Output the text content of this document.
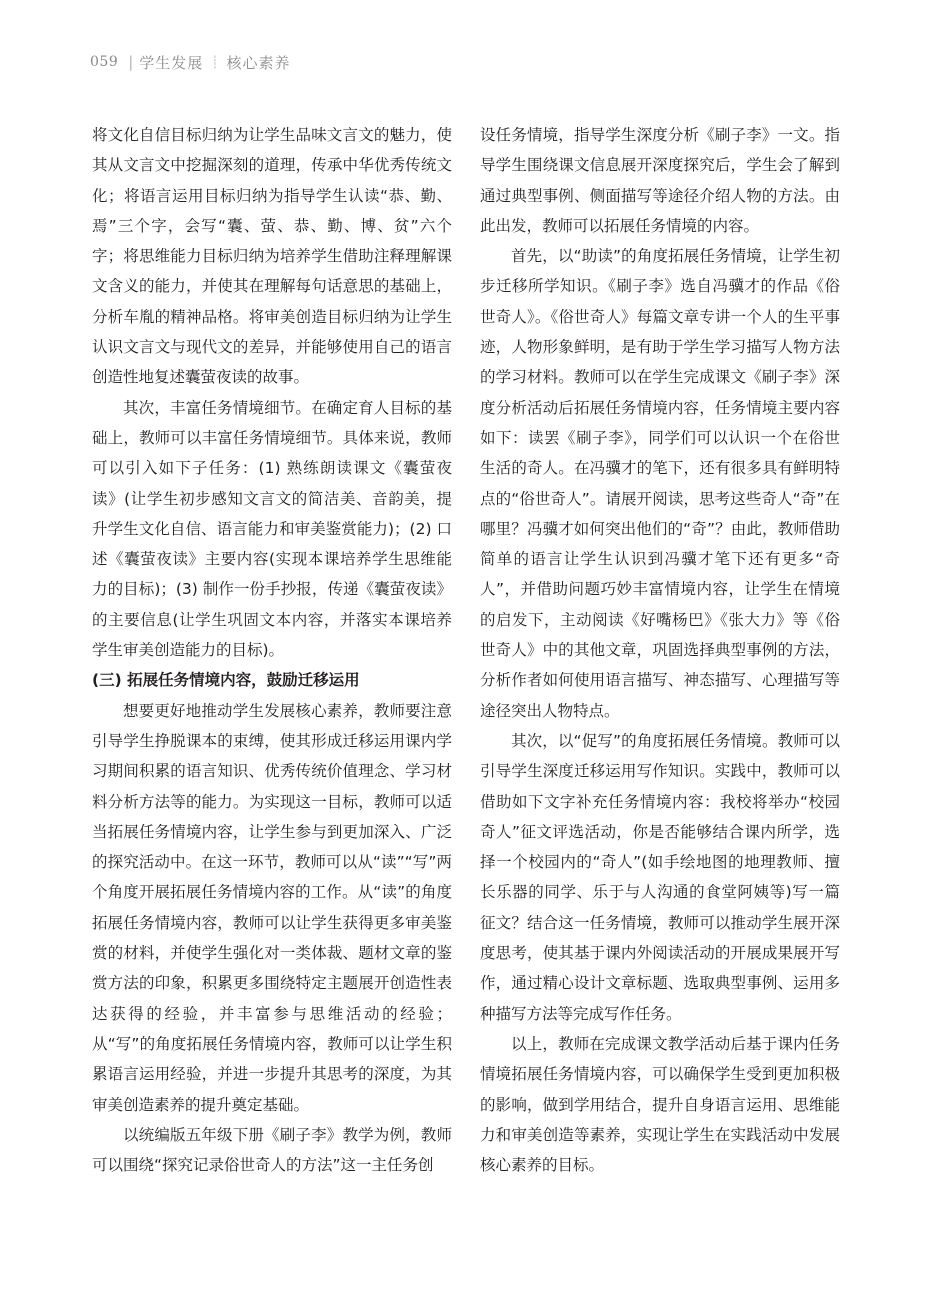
059 | 学生发展 ┊ 核心素养

将文化自信目标归纳为让学生品味文言文的魅力，使其从文言文中挖掘深刻的道理，传承中华优秀传统文化；将语言运用目标归纳为指导学生认读“恭、勤、焉”三个字，会写“囊、萤、恭、勤、博、贫”六个字；将思维能力目标归纳为培养学生借助注释理解课文含义的能力，并使其在理解每句话意思的基础上，分析车胤的精神品格。将审美创造目标归纳为让学生认识文言文与现代文的差异，并能够使用自己的语言创造性地复述囊萤夜读的故事。

其次，丰富任务情境细节。在确定育人目标的基础上，教师可以丰富任务情境细节。具体来说，教师可以引入如下子任务：(1) 熟练朗读课文《囊萤夜读》(让学生初步感知文言文的简洁美、音韵美，提升学生文化自信、语言能力和审美鉴赏能力)；(2) 口述《囊萤夜读》主要内容(实现本课培养学生思维能力的目标)；(3) 制作一份手抄报，传递《囊萤夜读》的主要信息(让学生巩固文本内容，并落实本课培养学生审美创造能力的目标)。

(三) 拓展任务情境内容，鼓励迁移运用

想要更好地推动学生发展核心素养，教师要注意引导学生挣脱课本的束缚，使其形成迁移运用课内学习期间积累的语言知识、优秀传统价值理念、学习材料分析方法等的能力。为实现这一目标，教师可以适当拓展任务情境内容，让学生参与到更加深入、广泛的探究活动中。在这一环节，教师可以从“读”“写”两个角度开展拓展任务情境内容的工作。从“读”的角度拓展任务情境内容，教师可以让学生获得更多审美鉴赏的材料，并使学生强化对一类体裁、题材文章的鉴赏方法的印象，积累更多围绕特定主题展开创造性表达获得的经验，并丰富参与思维活动的经验；从“写”的角度拓展任务情境内容，教师可以让学生积累语言运用经验，并进一步提升其思考的深度，为其审美创造素养的提升奠定基础。

以统编版五年级下册《刷子李》教学为例，教师可以围绕“探究记录俗世奇人的方法”这一主任务创

设任务情境，指导学生深度分析《刷子李》一文。指导学生围绕课文信息展开深度探究后，学生会了解到通过典型事例、侧面描写等途径介绍人物的方法。由此出发，教师可以拓展任务情境的内容。

首先，以“助读”的角度拓展任务情境，让学生初步迁移所学知识。《刷子李》选自冯骥才的作品《俗世奇人》。《俗世奇人》每篇文章专讲一个人的生平事迹，人物形象鲜明，是有助于学生学习描写人物方法的学习材料。教师可以在学生完成课文《刷子李》深度分析活动后拓展任务情境内容，任务情境主要内容如下：读罢《刷子李》，同学们可以认识一个在俗世生活的奇人。在冯骥才的笔下，还有很多具有鲜明特点的“俗世奇人”。请展开阅读，思考这些奇人“奇”在哪里？冯骥才如何突出他们的“奇”？由此，教师借助简单的语言让学生认识到冯骥才笔下还有更多“奇人”，并借助问题巧妙丰富情境内容，让学生在情境的启发下，主动阅读《好嘴杨巴》《张大力》等《俗世奇人》中的其他文章，巩固选择典型事例的方法，分析作者如何使用语言描写、神态描写、心理描写等途径突出人物特点。

其次，以“促写”的角度拓展任务情境。教师可以引导学生深度迁移运用写作知识。实践中，教师可以借助如下文字补充任务情境内容：我校将举办“校园奇人”征文评选活动，你是否能够结合课内所学，选择一个校园内的“奇人”(如手绘地图的地理教师、擅长乐器的同学、乐于与人沟通的食堂阿姨等)写一篇征文？结合这一任务情境，教师可以推动学生展开深度思考，使其基于课内外阅读活动的开展成果展开写作，通过精心设计文章标题、选取典型事例、运用多种描写方法等完成写作任务。

以上，教师在完成课文教学活动后基于课内任务情境拓展任务情境内容，可以确保学生受到更加积极的影响，做到学用结合，提升自身语言运用、思维能力和审美创造等素养，实现让学生在实践活动中发展核心素养的目标。
